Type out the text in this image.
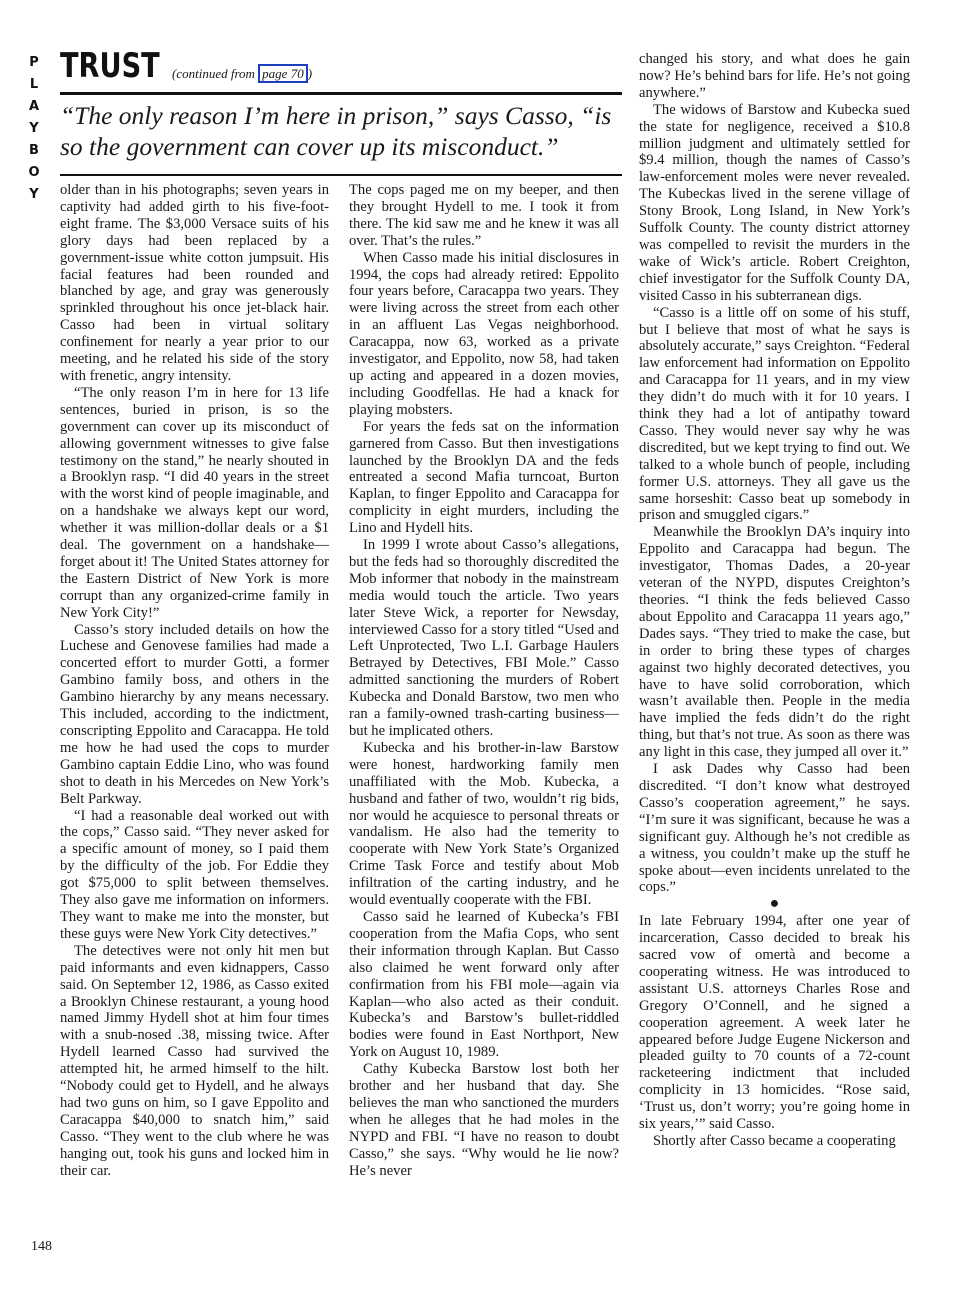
P
L
A
Y
B
O
Y
TRUST (continued from page 70 )
“The only reason I’m here in prison,” says Casso, “is so the government can cover up its misconduct.”

older than in his photographs; seven years in captivity had added girth to his five-foot-eight frame. The $3,000 Versace suits of his glory days had been replaced by a government-issue white cotton jumpsuit. His facial features had been rounded and blanched by age, and gray was generously sprinkled throughout his once jet-black hair. Casso had been in virtual solitary confinement for nearly a year prior to our meeting, and he related his side of the story with frenetic, angry intensity.

“The only reason I’m in here for 13 life sentences, buried in prison, is so the government can cover up its misconduct of allowing government witnesses to give false testimony on the stand,” he nearly shouted in a Brooklyn rasp. “I did 40 years in the street with the worst kind of people imaginable, and on a handshake we always kept our word, whether it was million-dollar deals or a $1 deal. The government on a handshake—forget about it! The United States attorney for the Eastern District of New York is more corrupt than any organized-crime family in New York City!”

Casso’s story included details on how the Luchese and Genovese families had made a concerted effort to murder Gotti, a former Gambino family boss, and others in the Gambino hierarchy by any means necessary. This included, according to the indictment, conscripting Eppolito and Caracappa. He told me how he had used the cops to murder Gambino captain Eddie Lino, who was found shot to death in his Mercedes on New York’s Belt Parkway.

“I had a reasonable deal worked out with the cops,” Casso said. “They never asked for a specific amount of money, so I paid them by the difficulty of the job. For Eddie they got $75,000 to split between themselves. They also gave me information on informers. They want to make me into the monster, but these guys were New York City detectives.”

The detectives were not only hit men but paid informants and even kidnappers, Casso said. On September 12, 1986, as Casso exited a Brooklyn Chinese restaurant, a young hood named Jimmy Hydell shot at him four times with a snub-nosed .38, missing twice. After Hydell learned Casso had survived the attempted hit, he armed himself to the hilt. “Nobody could get to Hydell, and he always had two guns on him, so I gave Eppolito and Caracappa $40,000 to snatch him,” said Casso. “They went to the club where he was hanging out, took his guns and locked him in their car.

The cops paged me on my beeper, and then they brought Hydell to me. I took it from there. The kid saw me and he knew it was all over. That’s the rules.”

When Casso made his initial disclosures in 1994, the cops had already retired: Eppolito four years before, Caracappa two years. They were living across the street from each other in an affluent Las Vegas neighborhood. Caracappa, now 63, worked as a private investigator, and Eppolito, now 58, had taken up acting and appeared in a dozen movies, including Goodfellas. He had a knack for playing mobsters.

For years the feds sat on the information garnered from Casso. But then investigations launched by the Brooklyn DA and the feds entreated a second Mafia turncoat, Burton Kaplan, to finger Eppolito and Caracappa for complicity in eight murders, including the Lino and Hydell hits.

In 1999 I wrote about Casso’s allegations, but the feds had so thoroughly discredited the Mob informer that nobody in the mainstream media would touch the article. Two years later Steve Wick, a reporter for Newsday, interviewed Casso for a story titled “Used and Left Unprotected, Two L.I. Garbage Haulers Betrayed by Detectives, FBI Mole.” Casso admitted sanctioning the murders of Robert Kubecka and Donald Barstow, two men who ran a family-owned trash-carting business—but he implicated others.

Kubecka and his brother-in-law Barstow were honest, hardworking family men unaffiliated with the Mob. Kubecka, a husband and father of two, wouldn’t rig bids, nor would he acquiesce to personal threats or vandalism. He also had the temerity to cooperate with New York State’s Organized Crime Task Force and testify about Mob infiltration of the carting industry, and he would eventually cooperate with the FBI.

Casso said he learned of Kubecka’s FBI cooperation from the Mafia Cops, who sent their information through Kaplan. But Casso also claimed he went forward only after confirmation from his FBI mole—again via Kaplan—who also acted as their conduit. Kubecka’s and Barstow’s bullet-riddled bodies were found in East Northport, New York on August 10, 1989.

Cathy Kubecka Barstow lost both her brother and her husband that day. She believes the man who sanctioned the murders when he alleges that he had moles in the NYPD and FBI. “I have no reason to doubt Casso,” she says. “Why would he lie now? He’s never

changed his story, and what does he gain now? He’s behind bars for life. He’s not going anywhere.”

The widows of Barstow and Kubecka sued the state for negligence, received a $10.8 million judgment and ultimately settled for $9.4 million, though the names of Casso’s law-enforcement moles were never revealed. The Kubeckas lived in the serene village of Stony Brook, Long Island, in New York’s Suffolk County. The county district attorney was compelled to revisit the murders in the wake of Wick’s article. Robert Creighton, chief investigator for the Suffolk County DA, visited Casso in his subterranean digs.

“Casso is a little off on some of his stuff, but I believe that most of what he says is absolutely accurate,” says Creighton. “Federal law enforcement had information on Eppolito and Caracappa for 11 years, and in my view they didn’t do much with it for 10 years. I think they had a lot of antipathy toward Casso. They would never say why he was discredited, but we kept trying to find out. We talked to a whole bunch of people, including former U.S. attorneys. They all gave us the same horseshit: Casso beat up somebody in prison and smuggled cigars.”

Meanwhile the Brooklyn DA’s inquiry into Eppolito and Caracappa had begun. The investigator, Thomas Dades, a 20-year veteran of the NYPD, disputes Creighton’s theories. “I think the feds believed Casso about Eppolito and Caracappa 11 years ago,” Dades says. “They tried to make the case, but in order to bring these types of charges against two highly decorated detectives, you have to have solid corroboration, which wasn’t available then. People in the media have implied the feds didn’t do the right thing, but that’s not true. As soon as there was any light in this case, they jumped all over it.”

I ask Dades why Casso had been discredited. “I don’t know what destroyed Casso’s cooperation agreement,” he says. “I’m sure it was significant, because he was a significant guy. Although he’s not credible as a witness, you couldn’t make up the stuff he spoke about—even incidents unrelated to the cops.”

●

In late February 1994, after one year of incarceration, Casso decided to break his sacred vow of omertà and become a cooperating witness. He was introduced to assistant U.S. attorneys Charles Rose and Gregory O’Connell, and he signed a cooperation agreement. A week later he appeared before Judge Eugene Nickerson and pleaded guilty to 70 counts of a 72-count racketeering indictment that included complicity in 13 homicides. “Rose said, ‘Trust us, don’t worry; you’re going home in six years,’” said Casso.

Shortly after Casso became a cooperating

148
